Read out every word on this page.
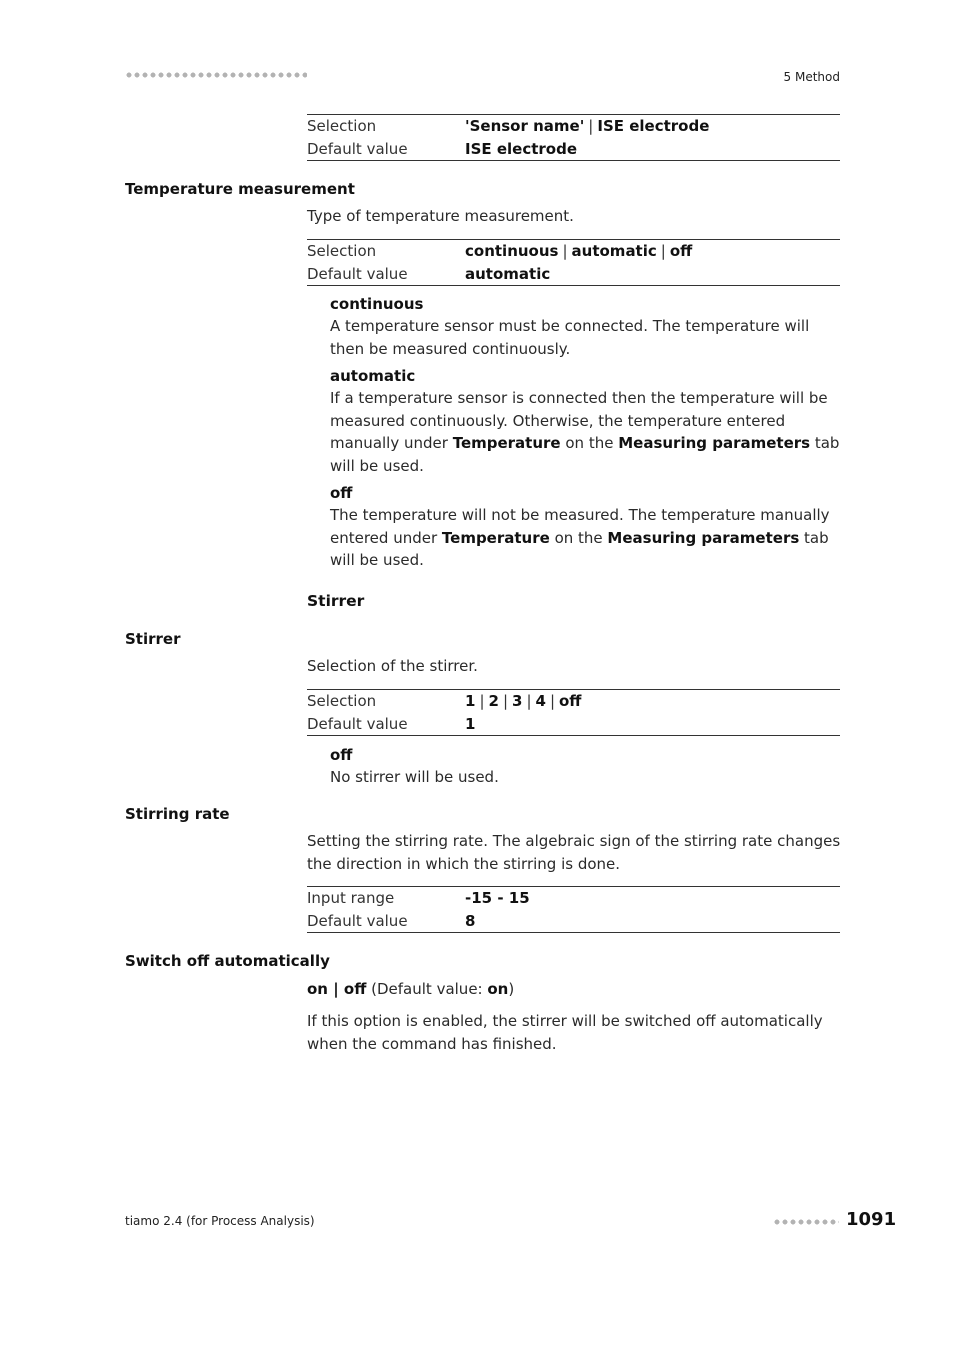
5 Method
Selection	'Sensor name' | ISE electrode
Default value	ISE electrode
Temperature measurement
Type of temperature measurement.
Selection	continuous | automatic | off
Default value	automatic
continuous
A temperature sensor must be connected. The temperature will then be measured continuously.
automatic
If a temperature sensor is connected then the temperature will be measured continuously. Otherwise, the temperature entered manually under Temperature on the Measuring parameters tab will be used.
off
The temperature will not be measured. The temperature manually entered under Temperature on the Measuring parameters tab will be used.
Stirrer
Stirrer
Selection of the stirrer.
Selection	1 | 2 | 3 | 4 | off
Default value	1
off
No stirrer will be used.
Stirring rate
Setting the stirring rate. The algebraic sign of the stirring rate changes the direction in which the stirring is done.
Input range	-15 - 15
Default value	8
Switch off automatically
on | off (Default value: on)
If this option is enabled, the stirrer will be switched off automatically when the command has finished.
tiamo 2.4 (for Process Analysis)	1091
